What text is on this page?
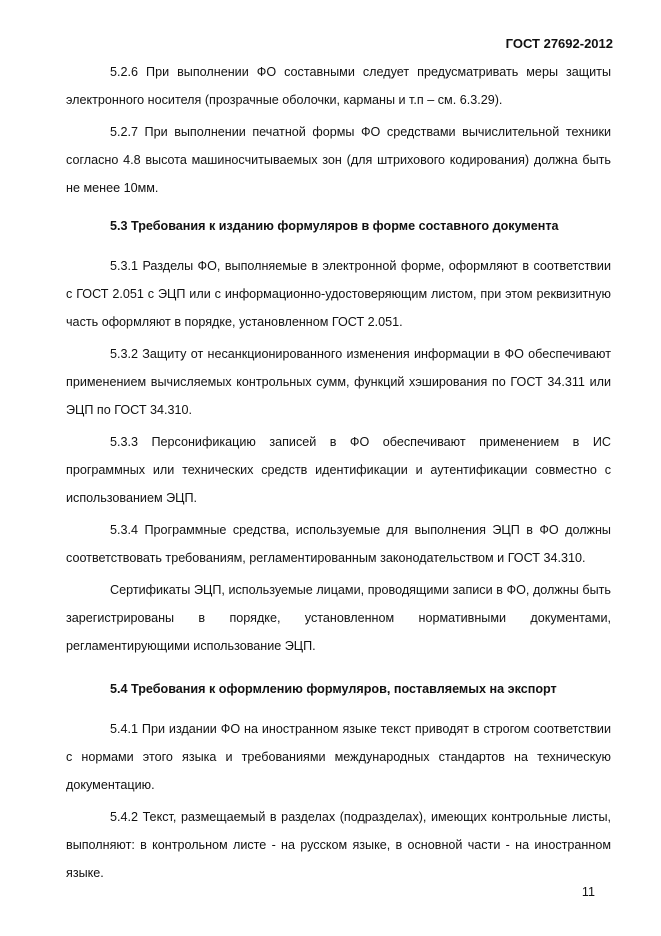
ГОСТ 27692-2012

5.2.6 При выполнении ФО составными следует предусматривать меры защиты электронного носителя (прозрачные оболочки, карманы и т.п – см. 6.3.29).

5.2.7 При выполнении печатной формы ФО средствами вычислительной техники согласно 4.8 высота машиносчитываемых зон (для штрихового кодирования) должна быть не менее 10мм.

5.3 Требования к изданию формуляров в форме составного документа

5.3.1 Разделы ФО, выполняемые в электронной форме, оформляют в соответствии с ГОСТ 2.051 с ЭЦП или с информационно-удостоверяющим листом, при этом реквизитную часть оформляют в порядке, установленном ГОСТ 2.051.

5.3.2 Защиту от несанкционированного изменения информации в ФО обеспечивают применением вычисляемых контрольных сумм, функций хэширования по ГОСТ 34.311 или ЭЦП по ГОСТ 34.310.

5.3.3 Персонификацию записей в ФО обеспечивают применением в ИС программных или технических средств идентификации и аутентификации совместно с использованием ЭЦП.

5.3.4 Программные средства, используемые для выполнения ЭЦП в ФО должны соответствовать требованиям, регламентированным законодательством и ГОСТ 34.310.

Сертификаты ЭЦП, используемые лицами, проводящими записи в ФО, должны быть зарегистрированы в порядке, установленном нормативными документами, регламентирующими использование ЭЦП.

5.4 Требования к оформлению формуляров, поставляемых на экспорт

5.4.1 При издании ФО на иностранном языке текст приводят в строгом соответствии с нормами этого языка и требованиями международных стандартов на техническую документацию.

5.4.2 Текст, размещаемый в разделах (подразделах), имеющих контрольные листы, выполняют: в контрольном листе - на русском языке, в основной части - на иностранном языке.

11
